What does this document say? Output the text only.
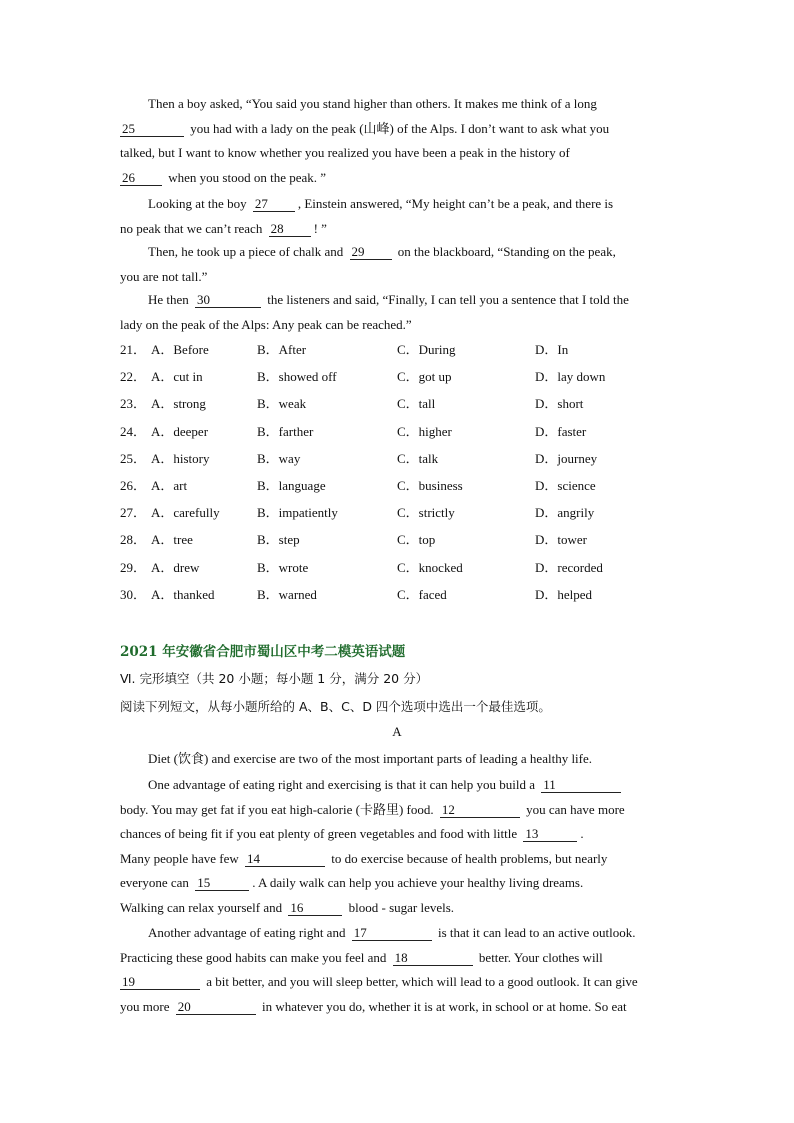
Then a boy asked, “You said you stand higher than others. It makes me think of a long
25	you had with a lady on the peak (山峰) of the Alps. I don’t want to ask what you
talked, but I want to know whether you realized you have been a peak in the history of
26	when you stood on the peak. ”

Looking at the boy 27 , Einstein answered, “My height can’t be a peak, and there is
no peak that we can’t reach 28 ! ”

Then, he took up a piece of chalk and 29	on the blackboard, “Standing on the peak,
you are not tall.”

He then 30	the listeners and said, “Finally, I can tell you a sentence that I told the
lady on the peak of the Alps: Any peak can be reached.”

21． A．Before	B．After	C．During	D．In
22． A．cut in	B．showed off	C．got up	D．lay down
23． A．strong	B．weak	C．tall	D．short
24． A．deeper	B．farther	C．higher	D．faster
25． A．history	B．way	C．talk	D．journey
26． A．art	B．language	C．business	D．science
27． A．carefully	B．impatiently	C．strictly	D．angrily
28． A．tree	B．step	C．top	D．tower
29． A．drew	B．wrote	C．knocked	D．recorded
30． A．thanked	B．warned	C．faced	D．helped

2021 年安徽省合肥市蜀山区中考二模英语试题

Ⅵ. 完形填空（共 20 小题；每小题 1 分，满分 20 分）

阅读下列短文，从每小题所给的 A、B、C、D 四个选项中选出一个最佳选项。

A

Diet (饮食) and exercise are two of the most important parts of leading a healthy life.

One advantage of eating right and exercising is that it can help you build a 11
body. You may get fat if you eat high-calorie (卡路里) food. 12	you can have more
chances of being fit if you eat plenty of green vegetables and food with little 13	.
Many people have few 14	to do exercise because of health problems, but nearly
everyone can 15	. A daily walk can help you achieve your healthy living dreams.
Walking can relax yourself and 16	blood - sugar levels.

Another advantage of eating right and 17	is that it can lead to an active outlook.
Practicing these good habits can make you feel and 18	better. Your clothes will
19	a bit better, and you will sleep better, which will lead to a good outlook. It can give
you more 20	in whatever you do, whether it is at work, in school or at home. So eat
